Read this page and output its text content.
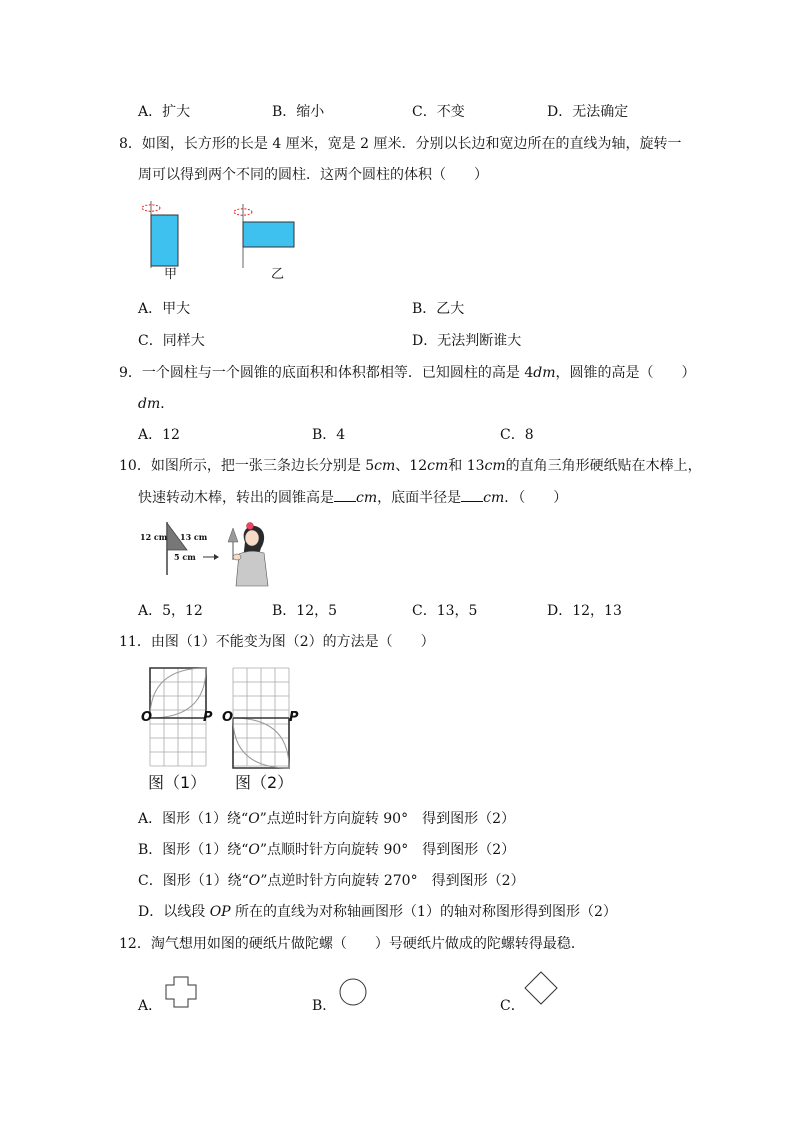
A．扩大	B．缩小	C．不变	D．无法确定
8．如图，长方形的长是 4 厘米，宽是 2 厘米．分别以长边和宽边所在的直线为轴，旋转一
周可以得到两个不同的圆柱．这两个圆柱的体积（　　）
甲	乙
A．甲大	B．乙大
C．同样大	D．无法判断谁大
9．一个圆柱与一个圆锥的底面积和体积都相等．已知圆柱的高是 4dm，圆锥的高是（　　）
dm．
A．12	B．4	C．8
10．如图所示，把一张三条边长分别是 5cm、12cm和 13cm的直角三角形硬纸贴在木棒上，
快速转动木棒，转出的圆锥高是 cm，底面半径是 cm．（　　）
12 cm 13 cm
5 cm
A．5，12	B．12，5	C．13，5	D．12，13
11．由图（1）不能变为图（2）的方法是（　　）
O	P O	P
图（1） 图（2）
A．图形（1）绕“O”点逆时针方向旋转 90°　得到图形（2）
B．图形（1）绕“O”点顺时针方向旋转 90°　得到图形（2）
C．图形（1）绕“O”点逆时针方向旋转 270°　得到图形（2）
D．以线段 OP 所在的直线为对称轴画图形（1）的轴对称图形得到图形（2）
12．淘气想用如图的硬纸片做陀螺（　　）号硬纸片做成的陀螺转得最稳．
A．	B．	C．
